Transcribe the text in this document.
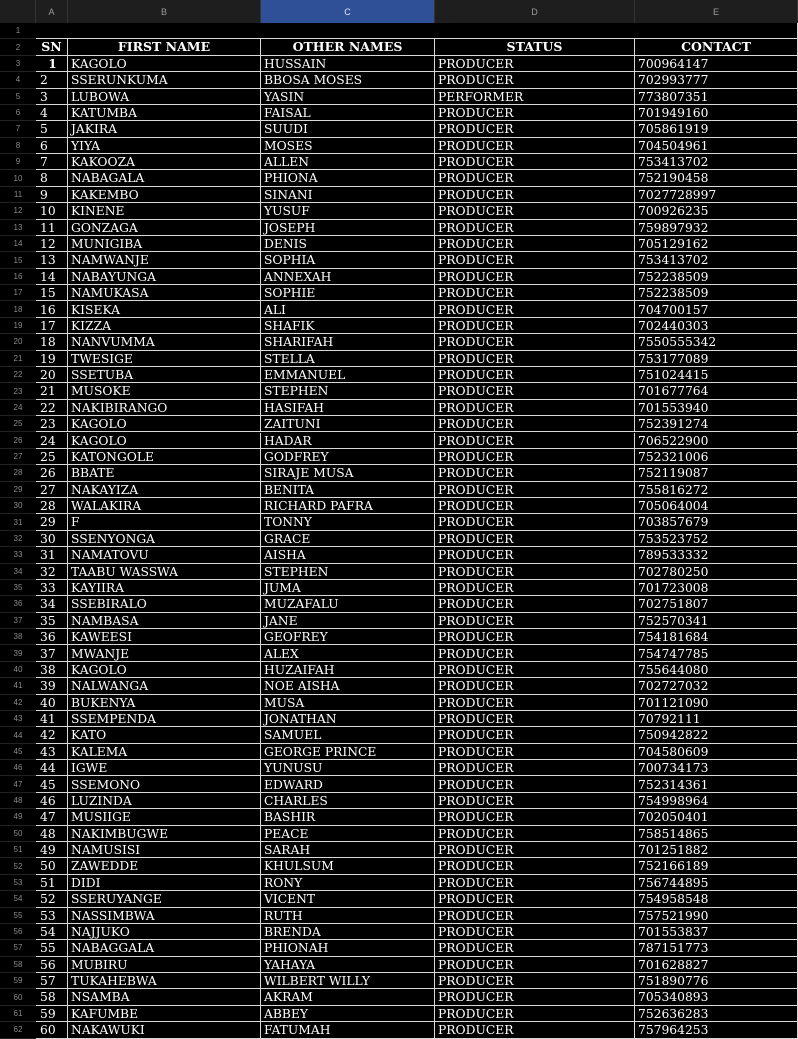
A	B	C	D	E
1
2	SN	FIRST NAME	OTHER NAMES	STATUS	CONTACT
3	1	KAGOLO	HUSSAIN	PRODUCER	700964147
4	2	SSERUNKUMA	BBOSA MOSES	PRODUCER	702993777
5	3	LUBOWA	YASIN	PERFORMER	773807351
6	4	KATUMBA	FAISAL	PRODUCER	701949160
7	5	JAKIRA	SUUDI	PRODUCER	705861919
8	6	YIYA	MOSES	PRODUCER	704504961
9	7	KAKOOZA	ALLEN	PRODUCER	753413702
10	8	NABAGALA	PHIONA	PRODUCER	752190458
11	9	KAKEMBO	SINANI	PRODUCER	7027728997
12	10	KINENE	YUSUF	PRODUCER	700926235
13	11	GONZAGA	JOSEPH	PRODUCER	759897932
14	12	MUNIGIBA	DENIS	PRODUCER	705129162
15	13	NAMWANJE	SOPHIA	PRODUCER	753413702
16	14	NABAYUNGA	ANNEXAH	PRODUCER	752238509
17	15	NAMUKASA	SOPHIE	PRODUCER	752238509
18	16	KISEKA	ALI	PRODUCER	704700157
19	17	KIZZA	SHAFIK	PRODUCER	702440303
20	18	NANVUMMA	SHARIFAH	PRODUCER	7550555342
21	19	TWESIGE	STELLA	PRODUCER	753177089
22	20	SSETUBA	EMMANUEL	PRODUCER	751024415
23	21	MUSOKE	STEPHEN	PRODUCER	701677764
24	22	NAKIBIRANGO	HASIFAH	PRODUCER	701553940
25	23	KAGOLO	ZAITUNI	PRODUCER	752391274
26	24	KAGOLO	HADAR	PRODUCER	706522900
27	25	KATONGOLE	GODFREY	PRODUCER	752321006
28	26	BBATE	SIRAJE MUSA	PRODUCER	752119087
29	27	NAKAYIZA	BENITA	PRODUCER	755816272
30	28	WALAKIRA	RICHARD PAFRA	PRODUCER	705064004
31	29	F	TONNY	PRODUCER	703857679
32	30	SSENYONGA	GRACE	PRODUCER	753523752
33	31	NAMATOVU	AISHA	PRODUCER	789533332
34	32	TAABU WASSWA	STEPHEN	PRODUCER	702780250
35	33	KAYIIRA	JUMA	PRODUCER	701723008
36	34	SSEBIRALO	MUZAFALU	PRODUCER	702751807
37	35	NAMBASA	JANE	PRODUCER	752570341
38	36	KAWEESI	GEOFREY	PRODUCER	754181684
39	37	MWANJE	ALEX	PRODUCER	754747785
40	38	KAGOLO	HUZAIFAH	PRODUCER	755644080
41	39	NALWANGA	NOE AISHA	PRODUCER	702727032
42	40	BUKENYA	MUSA	PRODUCER	701121090
43	41	SSEMPENDA	JONATHAN	PRODUCER	70792111
44	42	KATO	SAMUEL	PRODUCER	750942822
45	43	KALEMA	GEORGE PRINCE	PRODUCER	704580609
46	44	IGWE	YUNUSU	PRODUCER	700734173
47	45	SSEMONO	EDWARD	PRODUCER	752314361
48	46	LUZINDA	CHARLES	PRODUCER	754998964
49	47	MUSIIGE	BASHIR	PRODUCER	702050401
50	48	NAKIMBUGWE	PEACE	PRODUCER	758514865
51	49	NAMUSISI	SARAH	PRODUCER	701251882
52	50	ZAWEDDE	KHULSUM	PRODUCER	752166189
53	51	DIDI	RONY	PRODUCER	756744895
54	52	SSERUYANGE	VICENT	PRODUCER	754958548
55	53	NASSIMBWA	RUTH	PRODUCER	757521990
56	54	NAJJUKO	BRENDA	PRODUCER	701553837
57	55	NABAGGALA	PHIONAH	PRODUCER	787151773
58	56	MUBIRU	YAHAYA	PRODUCER	701628827
59	57	TUKAHEBWA	WILBERT WILLY	PRODUCER	751890776
60	58	NSAMBA	AKRAM	PRODUCER	705340893
61	59	KAFUMBE	ABBEY	PRODUCER	752636283
62	60	NAKAWUKI	FATUMAH	PRODUCER	757964253
